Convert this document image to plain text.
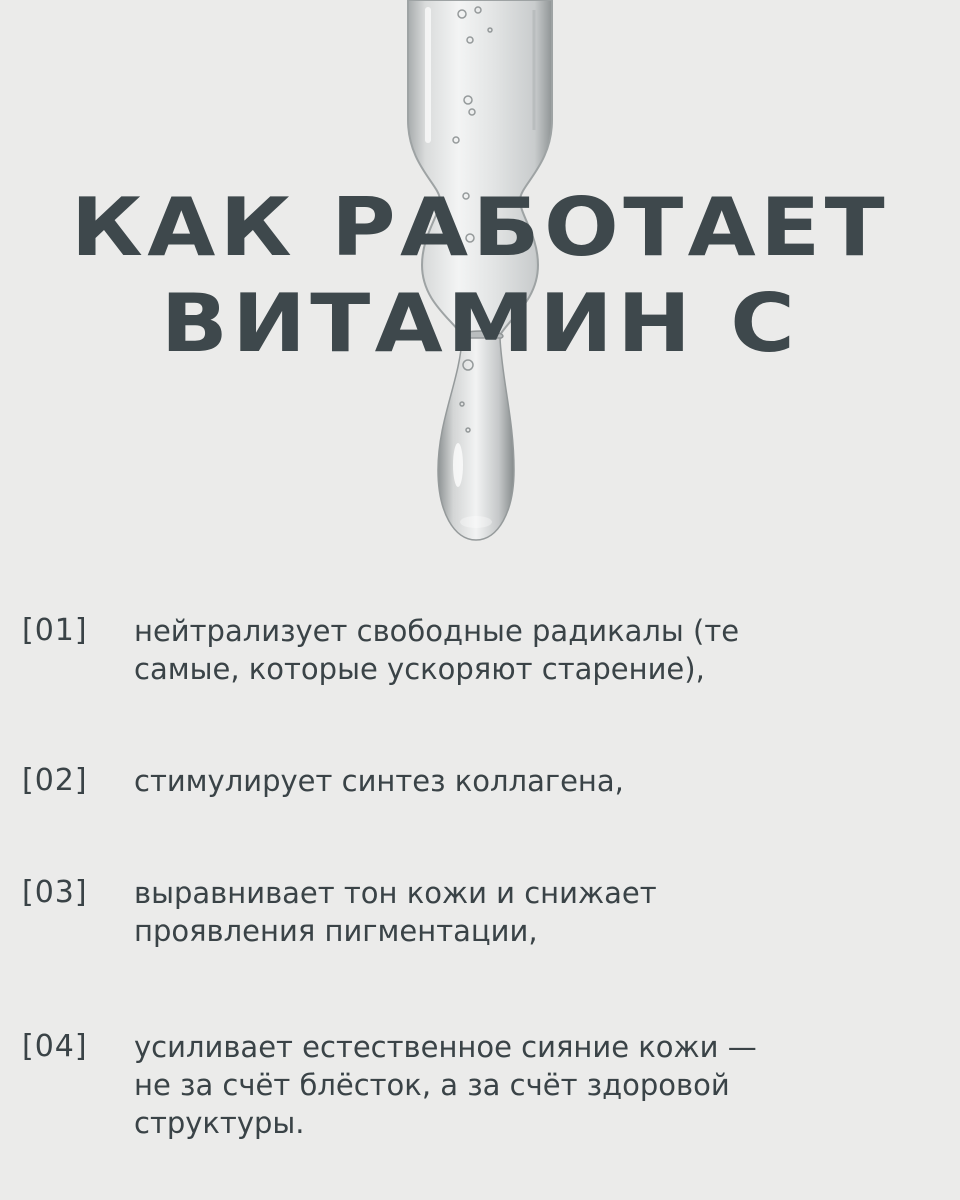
КАК РАБОТАЕТ
ВИТАМИН С
[01] нейтрализует свободные радикалы (те самые, которые ускоряют старение),
[02] стимулирует синтез коллагена,
[03] выравнивает тон кожи и снижает проявления пигментации,
[04] усиливает естественное сияние кожи — не за счёт блёсток, а за счёт здоровой структуры.
